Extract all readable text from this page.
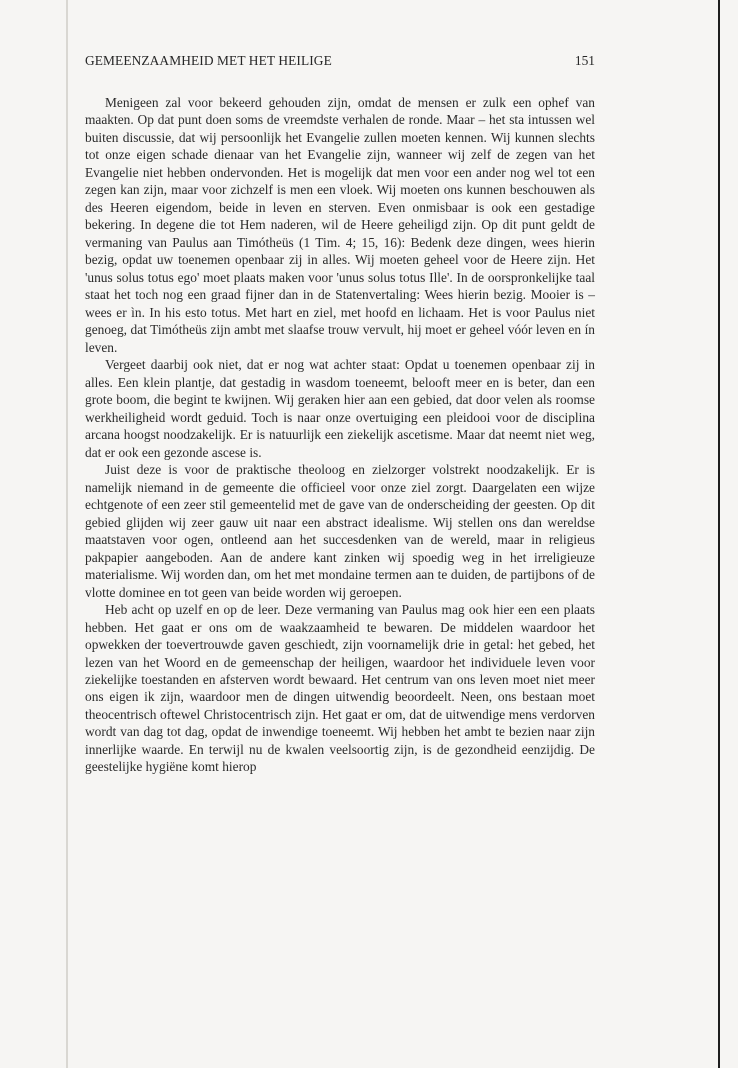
GEMEENZAAMHEID MET HET HEILIGE	151

Menigeen zal voor bekeerd gehouden zijn, omdat de mensen er zulk een ophef van maakten. Op dat punt doen soms de vreemdste verhalen de ronde. Maar – het sta intussen wel buiten discussie, dat wij persoonlijk het Evangelie zullen moeten kennen. Wij kunnen slechts tot onze eigen schade dienaar van het Evangelie zijn, wanneer wij zelf de zegen van het Evangelie niet hebben ondervonden. Het is mogelijk dat men voor een ander nog wel tot een zegen kan zijn, maar voor zichzelf is men een vloek. Wij moeten ons kunnen beschouwen als des Heeren eigendom, beide in leven en sterven. Even onmisbaar is ook een gestadige bekering. In degene die tot Hem naderen, wil de Heere geheiligd zijn. Op dit punt geldt de vermaning van Paulus aan Timótheüs (1 Tim. 4; 15, 16): Bedenk deze dingen, wees hierin bezig, opdat uw toenemen openbaar zij in alles. Wij moeten geheel voor de Heere zijn. Het 'unus solus totus ego' moet plaats maken voor 'unus solus totus Ille'. In de oorspronkelijke taal staat het toch nog een graad fijner dan in de Statenvertaling: Wees hierin bezig. Mooier is – wees er ìn. In his esto totus. Met hart en ziel, met hoofd en lichaam. Het is voor Paulus niet genoeg, dat Timótheüs zijn ambt met slaafse trouw vervult, hij moet er geheel vóór leven en ín leven.

Vergeet daarbij ook niet, dat er nog wat achter staat: Opdat u toenemen openbaar zij in alles. Een klein plantje, dat gestadig in wasdom toeneemt, belooft meer en is beter, dan een grote boom, die begint te kwijnen. Wij geraken hier aan een gebied, dat door velen als roomse werkheiligheid wordt geduid. Toch is naar onze overtuiging een pleidooi voor de disciplina arcana hoogst noodzakelijk. Er is natuurlijk een ziekelijk ascetisme. Maar dat neemt niet weg, dat er ook een gezonde ascese is.

Juist deze is voor de praktische theoloog en zielzorger volstrekt noodzakelijk. Er is namelijk niemand in de gemeente die officieel voor onze ziel zorgt. Daargelaten een wijze echtgenote of een zeer stil gemeentelid met de gave van de onderscheiding der geesten. Op dit gebied glijden wij zeer gauw uit naar een abstract idealisme. Wij stellen ons dan wereldse maatstaven voor ogen, ontleend aan het succesdenken van de wereld, maar in religieus pakpapier aangeboden. Aan de andere kant zinken wij spoedig weg in het irreligieuze materialisme. Wij worden dan, om het met mondaine termen aan te duiden, de partijbons of de vlotte dominee en tot geen van beide worden wij geroepen.

Heb acht op uzelf en op de leer. Deze vermaning van Paulus mag ook hier een een plaats hebben. Het gaat er ons om de waakzaamheid te bewaren. De middelen waardoor het opwekken der toevertrouwde gaven geschiedt, zijn voornamelijk drie in getal: het gebed, het lezen van het Woord en de gemeenschap der heiligen, waardoor het individuele leven voor ziekelijke toestanden en afsterven wordt bewaard. Het centrum van ons leven moet niet meer ons eigen ik zijn, waardoor men de dingen uitwendig beoordeelt. Neen, ons bestaan moet theocentrisch oftewel Christocentrisch zijn. Het gaat er om, dat de uitwendige mens verdorven wordt van dag tot dag, opdat de inwendige toeneemt. Wij hebben het ambt te bezien naar zijn innerlijke waarde. En terwijl nu de kwalen veelsoortig zijn, is de gezondheid eenzijdig. De geestelijke hygiëne komt hierop
